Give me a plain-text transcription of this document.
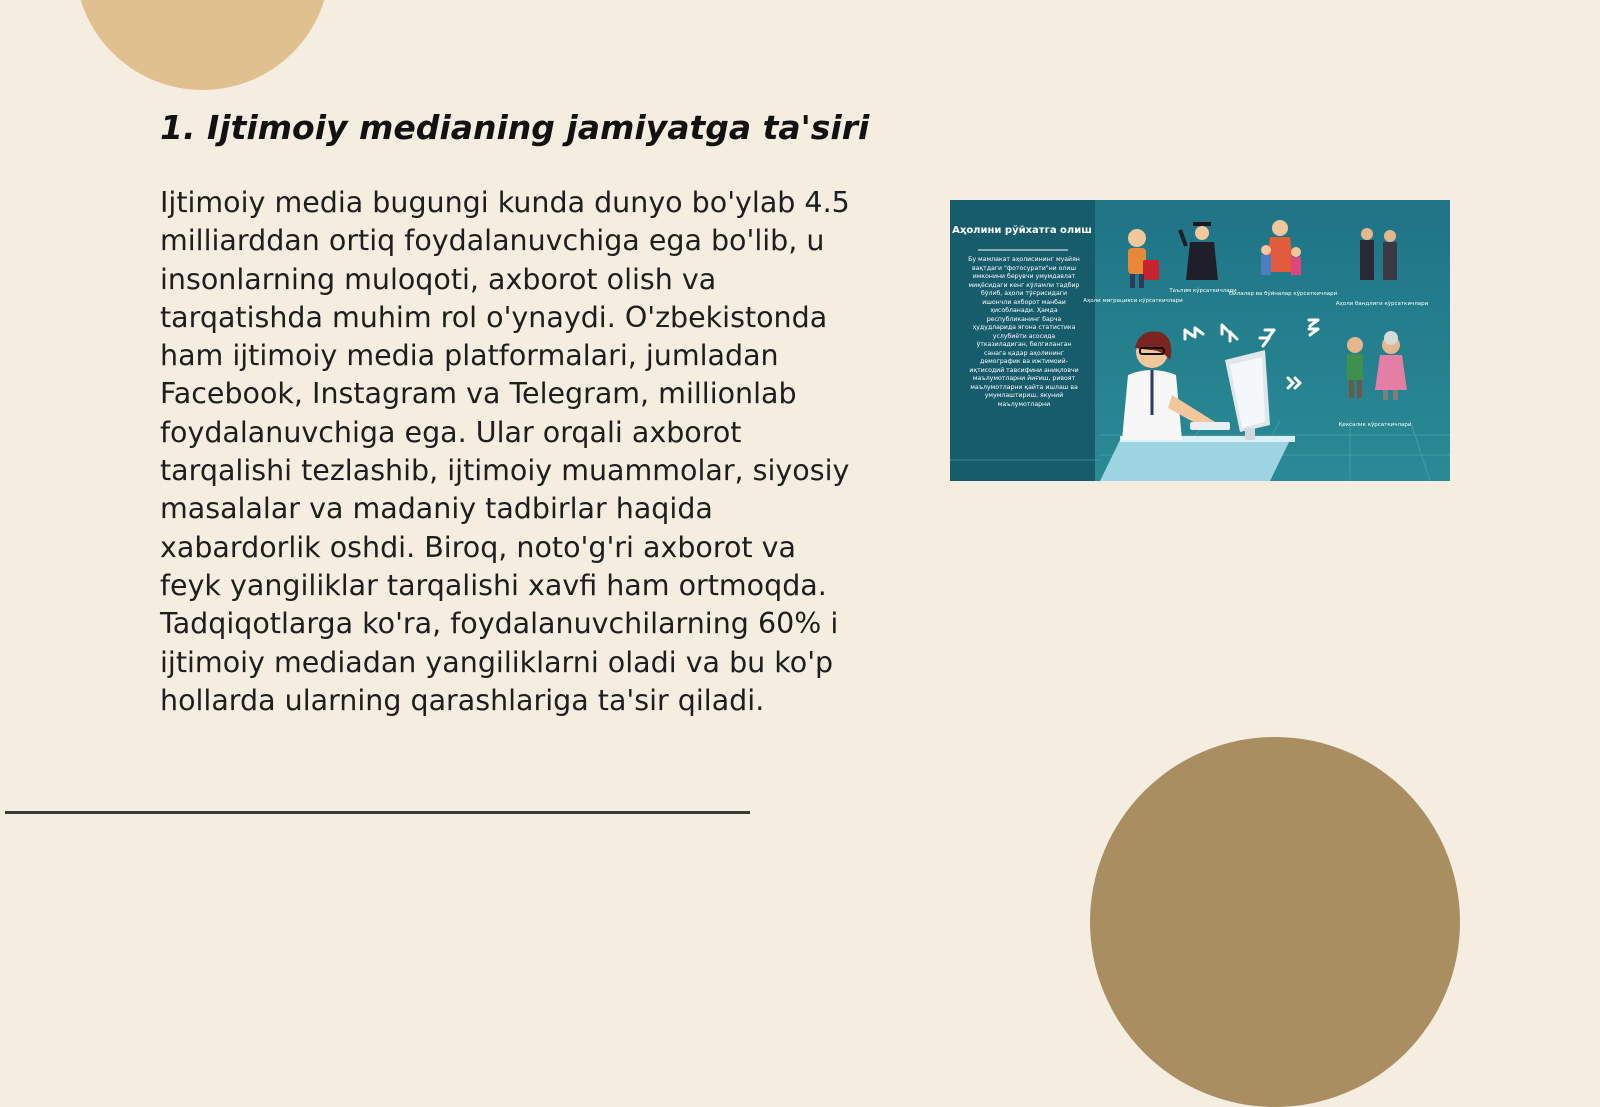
1. Ijtimoiy medianing jamiyatga ta'siri

Ijtimoiy media bugungi kunda dunyo bo'ylab 4.5 milliarddan ortiq foydalanuvchiga ega bo'lib, u insonlarning muloqoti, axborot olish va tarqatishda muhim rol o'ynaydi. O'zbekistonda ham ijtimoiy media platformalari, jumladan Facebook, Instagram va Telegram, millionlab foydalanuvchiga ega. Ular orqali axborot tarqalishi tezlashib, ijtimoiy muammolar, siyosiy masalalar va madaniy tadbirlar haqida xabardorlik oshdi. Biroq, noto'g'ri axborot va feyk yangiliklar tarqalishi xavfi ham ortmoqda. Tadqiqotlarga ko'ra, foydalanuvchilarning 60% i ijtimoiy mediadan yangiliklarni oladi va bu ko'p hollarda ularning qarashlariga ta'sir qiladi.

Аҳолини рўйхатга олиш
Бу мамлакат аҳолисининг муайян вақтдаги "фотосурати"ни олиш имконини берувчи умумдавлат миқёсидаги кенг кўламли тадбир бўлиб, аҳоли тўғрисидаги ишончли ахборот манбаи ҳисобланади. Ҳамда республиканинг барча ҳудудларида ягона статистика услубиёти асосида ўтказиладиган, белгиланган санага қадар аҳолининг демографик ва ижтимоий-иқтисодий тавсифини аниқловчи маълумотларни йиғиш, ривоят маълумотларни қайта ишлаш ва умумлаштириш, якуний маълумотларни
Аҳоли миграцияси кўрсаткичлари
Таълим кўрсаткичлари
Оилалар ва бўйналар кўрсаткичлари
Аҳоли бандлиги кўрсаткичлари
Қексалик кўрсаткичлари
